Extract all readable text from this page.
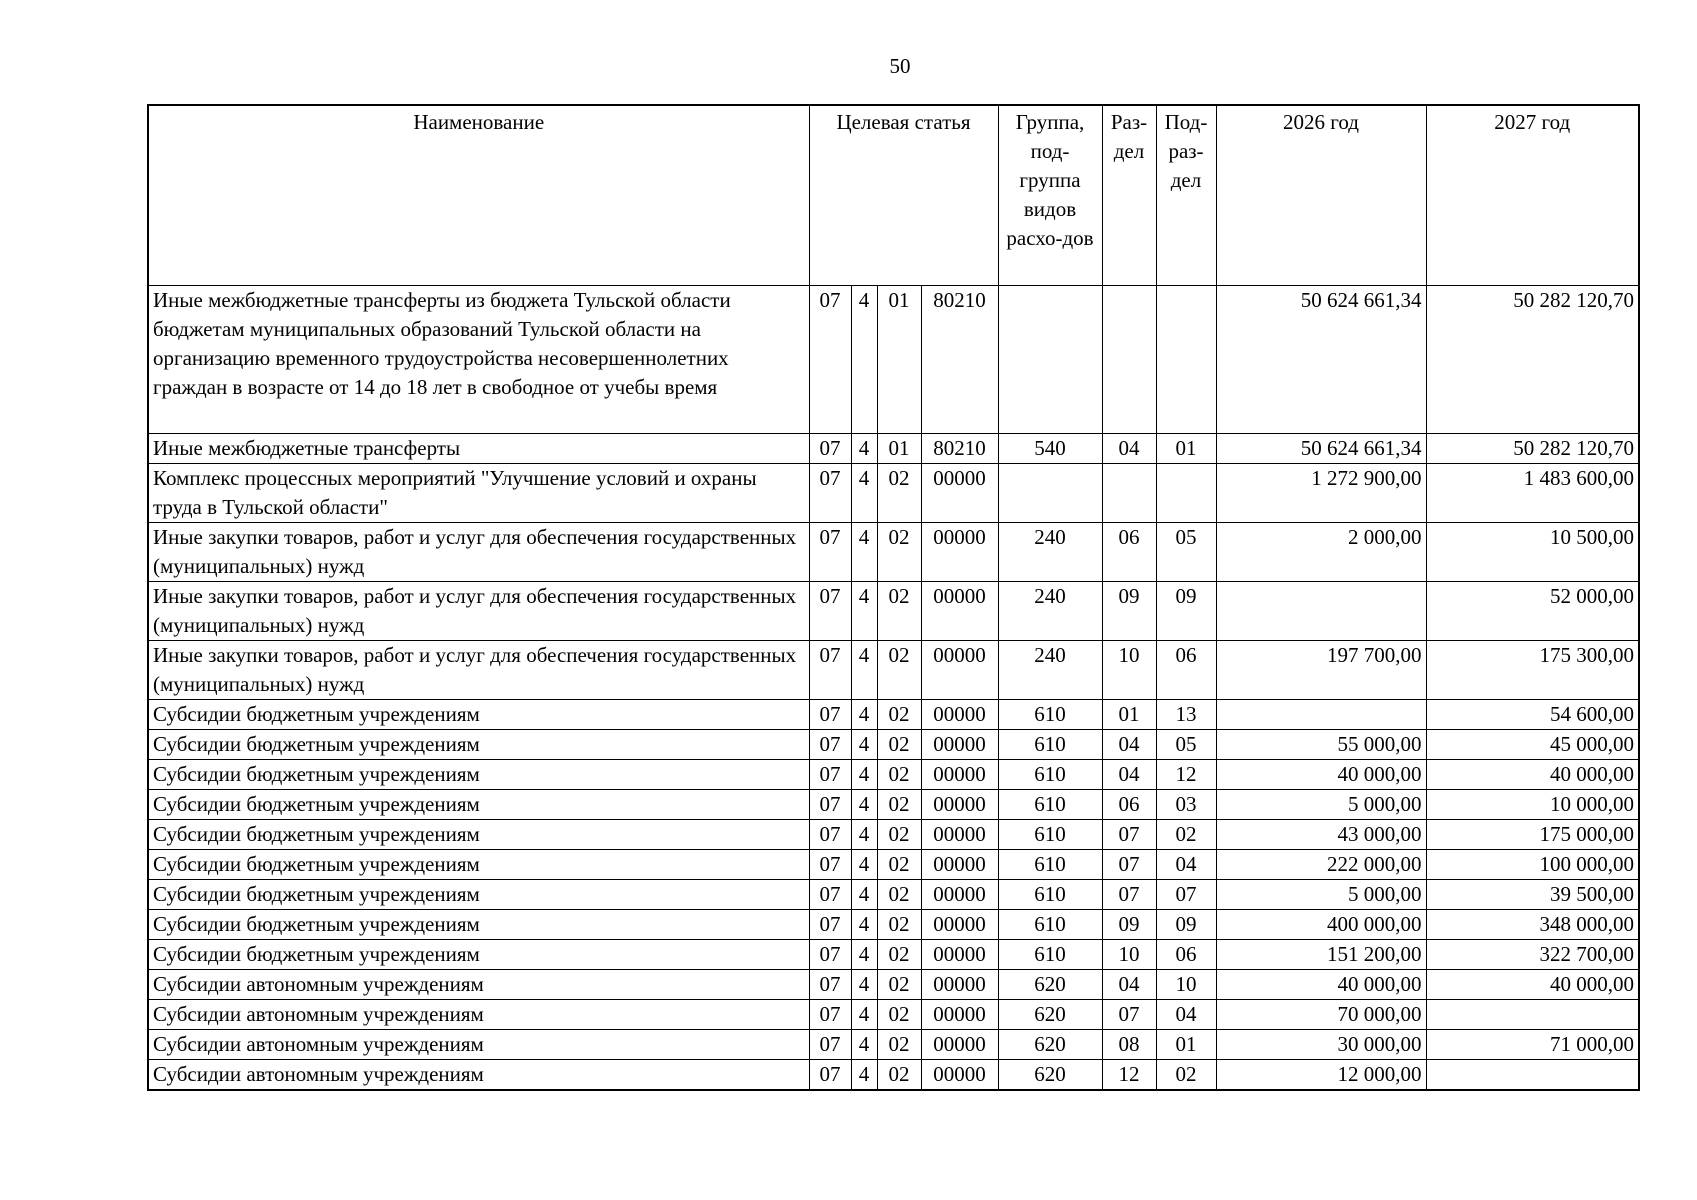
50
Наименование	Целевая статья				Группа, под-группа видов расхо-дов	Раз-дел	Под-раз-дел	2026 год	2027 год
Иные межбюджетные трансферты из бюджета Тульской области бюджетам муниципальных образований Тульской области на организацию временного трудоустройства несовершеннолетних граждан в возрасте от 14 до 18 лет в свободное от учебы время	07	4	01	80210				50 624 661,34	50 282 120,70
Иные межбюджетные трансферты	07	4	01	80210	540	04	01	50 624 661,34	50 282 120,70
Комплекс процессных мероприятий "Улучшение условий и охраны труда в Тульской области"	07	4	02	00000				1 272 900,00	1 483 600,00
Иные закупки товаров, работ и услуг для обеспечения государственных (муниципальных) нужд	07	4	02	00000	240	06	05	2 000,00	10 500,00
Иные закупки товаров, работ и услуг для обеспечения государственных (муниципальных) нужд	07	4	02	00000	240	09	09		52 000,00
Иные закупки товаров, работ и услуг для обеспечения государственных (муниципальных) нужд	07	4	02	00000	240	10	06	197 700,00	175 300,00
Субсидии бюджетным учреждениям	07	4	02	00000	610	01	13		54 600,00
Субсидии бюджетным учреждениям	07	4	02	00000	610	04	05	55 000,00	45 000,00
Субсидии бюджетным учреждениям	07	4	02	00000	610	04	12	40 000,00	40 000,00
Субсидии бюджетным учреждениям	07	4	02	00000	610	06	03	5 000,00	10 000,00
Субсидии бюджетным учреждениям	07	4	02	00000	610	07	02	43 000,00	175 000,00
Субсидии бюджетным учреждениям	07	4	02	00000	610	07	04	222 000,00	100 000,00
Субсидии бюджетным учреждениям	07	4	02	00000	610	07	07	5 000,00	39 500,00
Субсидии бюджетным учреждениям	07	4	02	00000	610	09	09	400 000,00	348 000,00
Субсидии бюджетным учреждениям	07	4	02	00000	610	10	06	151 200,00	322 700,00
Субсидии автономным учреждениям	07	4	02	00000	620	04	10	40 000,00	40 000,00
Субсидии автономным учреждениям	07	4	02	00000	620	07	04	70 000,00	
Субсидии автономным учреждениям	07	4	02	00000	620	08	01	30 000,00	71 000,00
Субсидии автономным учреждениям	07	4	02	00000	620	12	02	12 000,00	
